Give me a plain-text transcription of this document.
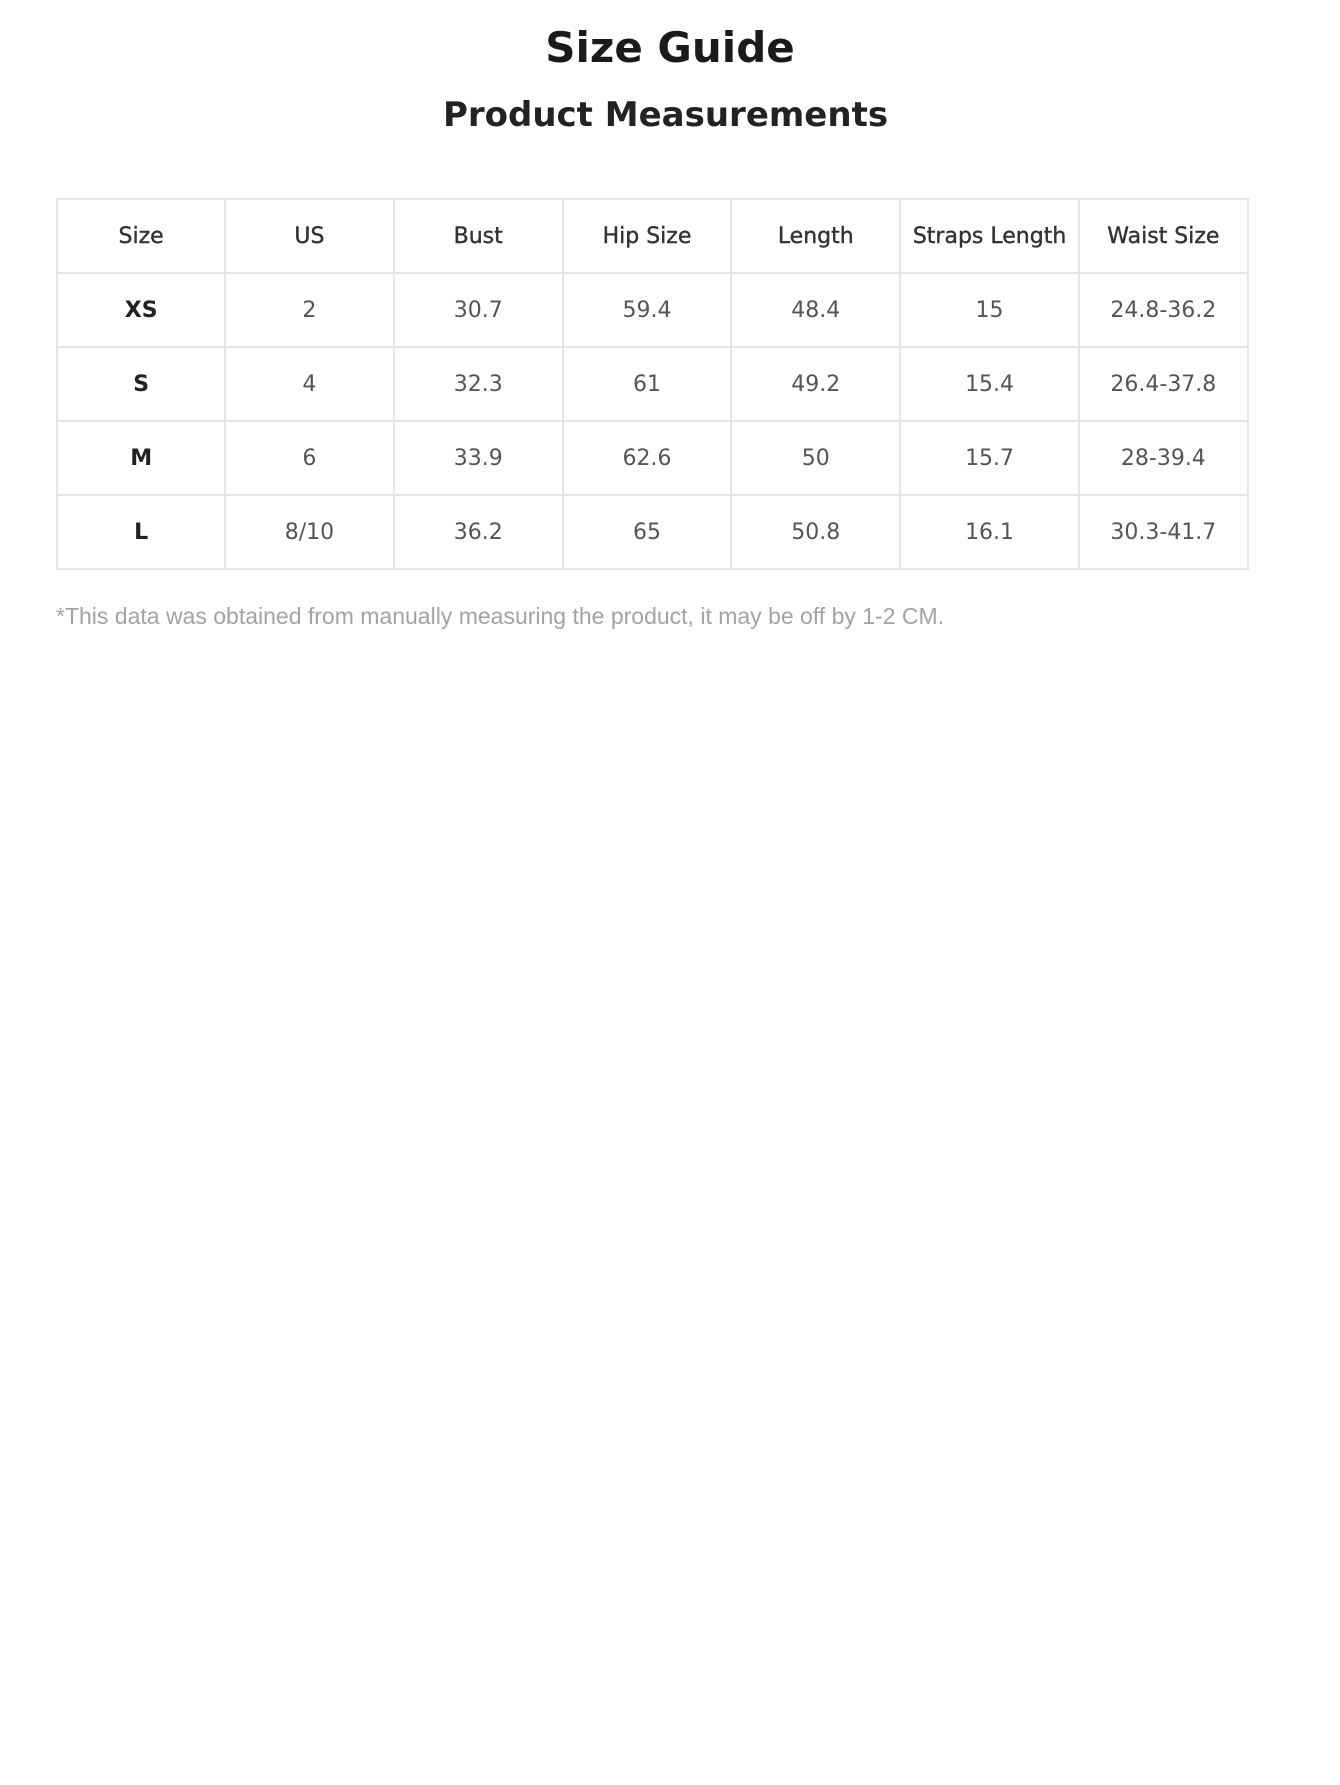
Size Guide
Product Measurements
Size	US	Bust	Hip Size	Length	Straps Length	Waist Size
XS	2	30.7	59.4	48.4	15	24.8-36.2
S	4	32.3	61	49.2	15.4	26.4-37.8
M	6	33.9	62.6	50	15.7	28-39.4
L	8/10	36.2	65	50.8	16.1	30.3-41.7

*This data was obtained from manually measuring the product, it may be off by 1-2 CM.
